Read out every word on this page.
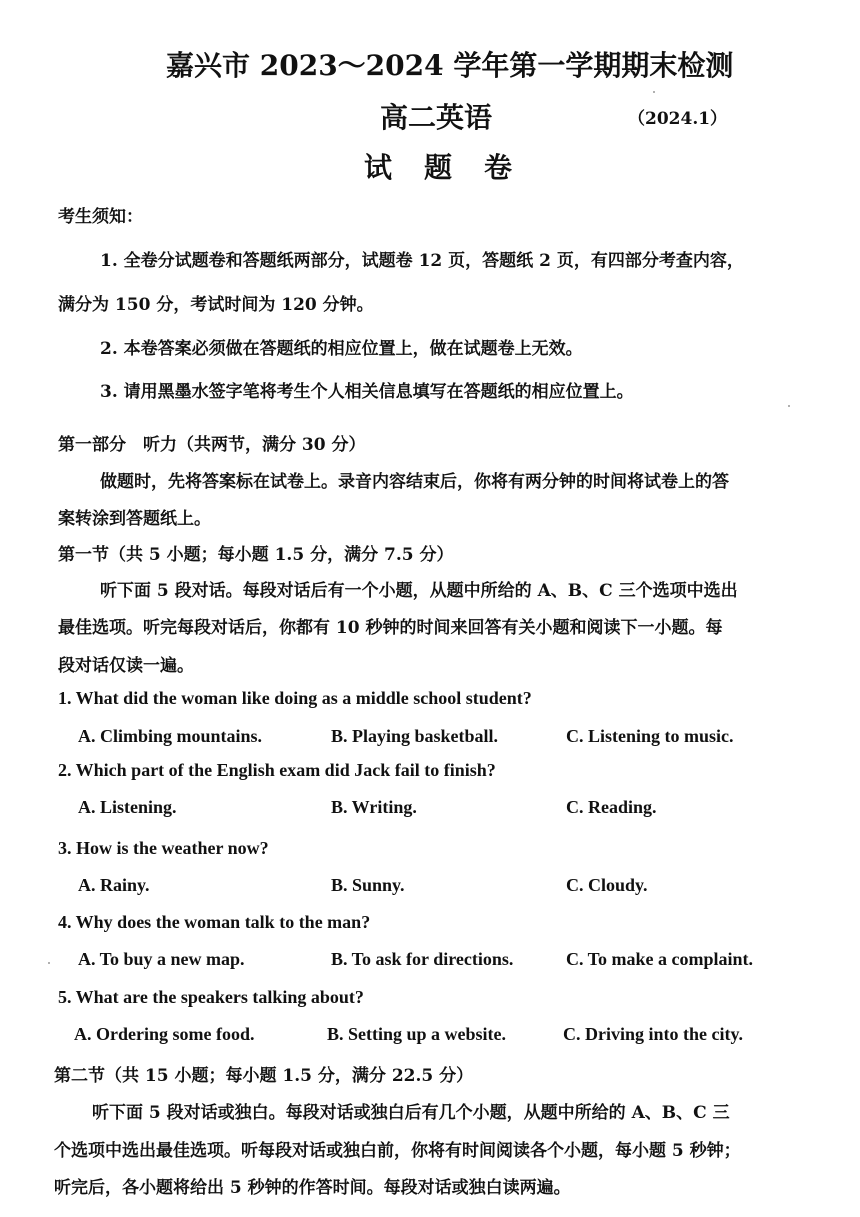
嘉兴市 2023～2024 学年第一学期期末检测
高二英语	（2024.1）
试　题　卷
考生须知：
1. 全卷分试题卷和答题纸两部分，试题卷 12 页，答题纸 2 页，有四部分考查内容，
满分为 150 分，考试时间为 120 分钟。
2. 本卷答案必须做在答题纸的相应位置上，做在试题卷上无效。
3. 请用黑墨水签字笔将考生个人相关信息填写在答题纸的相应位置上。
第一部分　听力（共两节，满分 30 分）
做题时，先将答案标在试卷上。录音内容结束后，你将有两分钟的时间将试卷上的答
案转涂到答题纸上。
第一节（共 5 小题；每小题 1.5 分，满分 7.5 分）
听下面 5 段对话。每段对话后有一个小题，从题中所给的 A、B、C 三个选项中选出
最佳选项。听完每段对话后，你都有 10 秒钟的时间来回答有关小题和阅读下一小题。每
段对话仅读一遍。
1. What did the woman like doing as a middle school student?
A. Climbing mountains.	B. Playing basketball.	C. Listening to music.
2. Which part of the English exam did Jack fail to finish?
A. Listening.	B. Writing.	C. Reading.
3. How is the weather now?
A. Rainy.	B. Sunny.	C. Cloudy.
4. Why does the woman talk to the man?
A. To buy a new map.	B. To ask for directions.	C. To make a complaint.
5. What are the speakers talking about?
A. Ordering some food.	B. Setting up a website.	C. Driving into the city.
第二节（共 15 小题；每小题 1.5 分，满分 22.5 分）
听下面 5 段对话或独白。每段对话或独白后有几个小题，从题中所给的 A、B、C 三
个选项中选出最佳选项。听每段对话或独白前，你将有时间阅读各个小题，每小题 5 秒钟；
听完后，各小题将给出 5 秒钟的作答时间。每段对话或独白读两遍。
